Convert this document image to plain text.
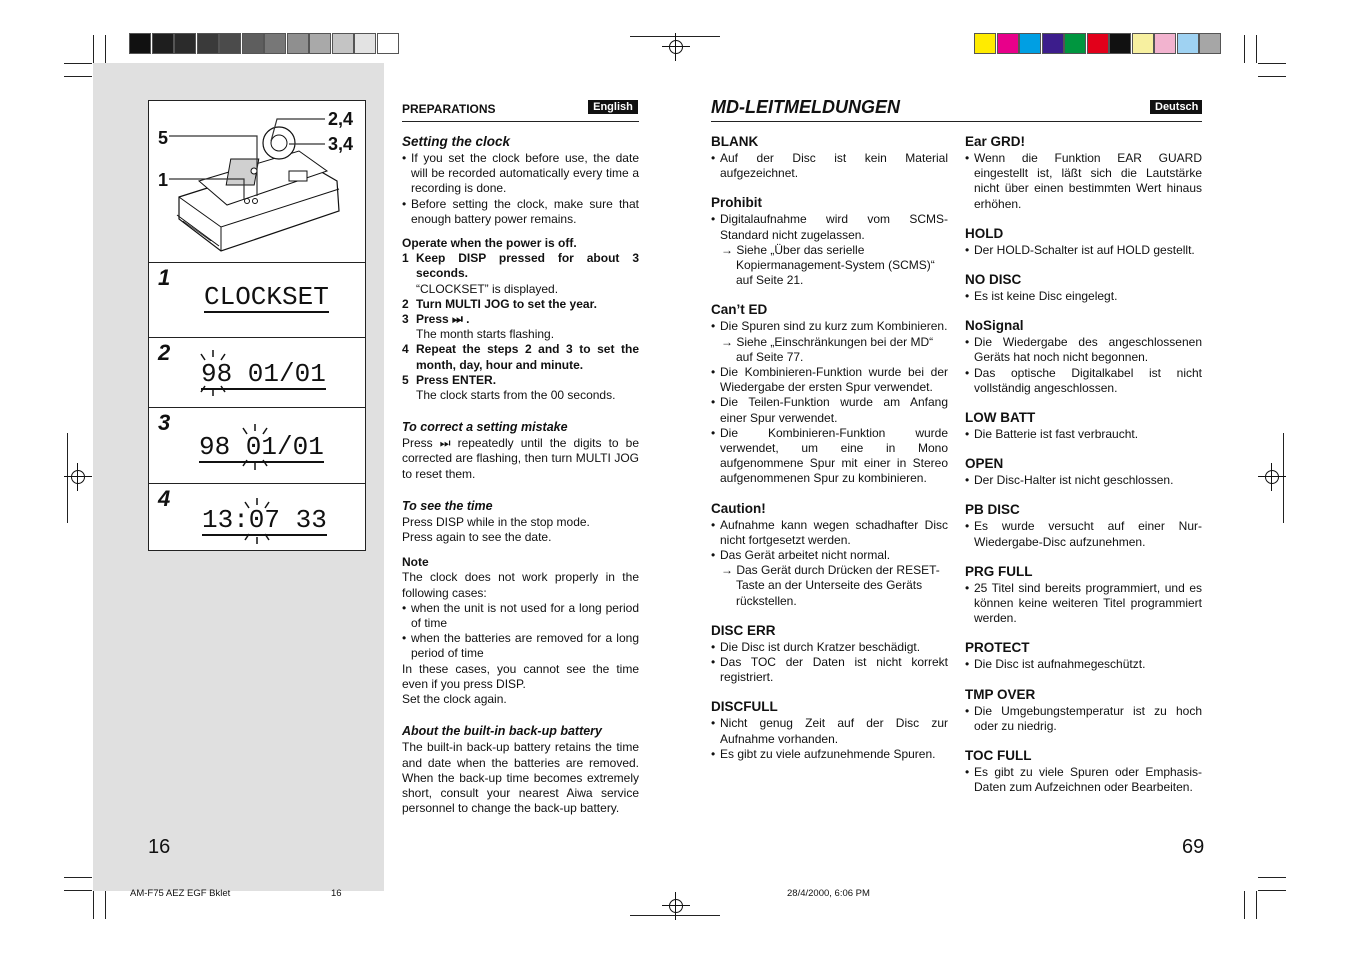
2,4
3,4
5
1
1
CLOCKSET
2
98 01/01
3
98 01/01
4
13:07 33
16
AM-F75 AEZ EGF Bklet	16
PREPARATIONS	English
Setting the clock
• If you set the clock before use, the date will be recorded automatically every time a recording is done.
• Before setting the clock, make sure that enough battery power remains.
Operate when the power is off.
1 Keep DISP pressed for about 3 seconds.
“CLOCKSET” is displayed.
2 Turn MULTI JOG to set the year.
3 Press ⏭ .
The month starts flashing.
4 Repeat the steps 2 and 3 to set the month, day, hour and minute.
5 Press ENTER.
The clock starts from the 00 seconds.
To correct a setting mistake

Press ⏭ repeatedly until the digits to be corrected are flashing, then turn MULTI JOG to reset them.

To see the time

Press DISP while in the stop mode.

Press again to see the date.

Note

The clock does not work properly in the following cases:

• when the unit is not used for a long period of time
• when the batteries are removed for a long period of time

In these cases, you cannot see the time even if you press DISP.

Set the clock again.

About the built-in back-up battery

The built-in back-up battery retains the time and date when the batteries are removed. When the back-up time becomes extremely short, consult your nearest Aiwa service personnel to change the back-up battery.

MD-LEITMELDUNGEN	Deutsch
BLANK
• Auf der Disc ist kein Material aufgezeichnet.
Prohibit
• Digitalaufnahme wird vom SCMS-Standard nicht zugelassen.
→ Siehe „Über das serielle Kopiermanagement-System (SCMS)“ auf Seite 21.
Can’t ED
• Die Spuren sind zu kurz zum Kombinieren.
→ Siehe „Einschränkungen bei der MD“ auf Seite 77.
• Die Kombinieren-Funktion wurde bei der Wiedergabe der ersten Spur verwendet.
• Die Teilen-Funktion wurde am Anfang einer Spur verwendet.
• Die Kombinieren-Funktion wurde verwendet, um eine in Mono aufgenommene Spur mit einer in Stereo aufgenommenen Spur zu kombinieren.
Caution!
• Aufnahme kann wegen schadhafter Disc nicht fortgesetzt werden.
• Das Gerät arbeitet nicht normal.
→ Das Gerät durch Drücken der RESET-Taste an der Unterseite des Geräts rückstellen.
DISC ERR
• Die Disc ist durch Kratzer beschädigt.
• Das TOC der Daten ist nicht korrekt registriert.
DISCFULL
• Nicht genug Zeit auf der Disc zur Aufnahme vorhanden.
• Es gibt zu viele aufzunehmende Spuren.
Ear GRD!
• Wenn die Funktion EAR GUARD eingestellt ist, läßt sich die Lautstärke nicht über einen bestimmten Wert hinaus erhöhen.
HOLD
• Der HOLD-Schalter ist auf HOLD gestellt.
NO DISC
• Es ist keine Disc eingelegt.
NoSignal
• Die Wiedergabe des angeschlossenen Geräts hat noch nicht begonnen.
• Das optische Digitalkabel ist nicht vollständig angeschlossen.
LOW BATT
• Die Batterie ist fast verbraucht.
OPEN
• Der Disc-Halter ist nicht geschlossen.
PB DISC
• Es wurde versucht auf einer Nur-Wiedergabe-Disc aufzunehmen.
PRG FULL
• 25 Titel sind bereits programmiert, und es können keine weiteren Titel programmiert werden.
PROTECT
• Die Disc ist aufnahmegeschützt.
TMP OVER
• Die Umgebungstemperatur ist zu hoch oder zu niedrig.
TOC FULL
• Es gibt zu viele Spuren oder Emphasis-Daten zum Aufzeichnen oder Bearbeiten.
69
28/4/2000, 6:06 PM
